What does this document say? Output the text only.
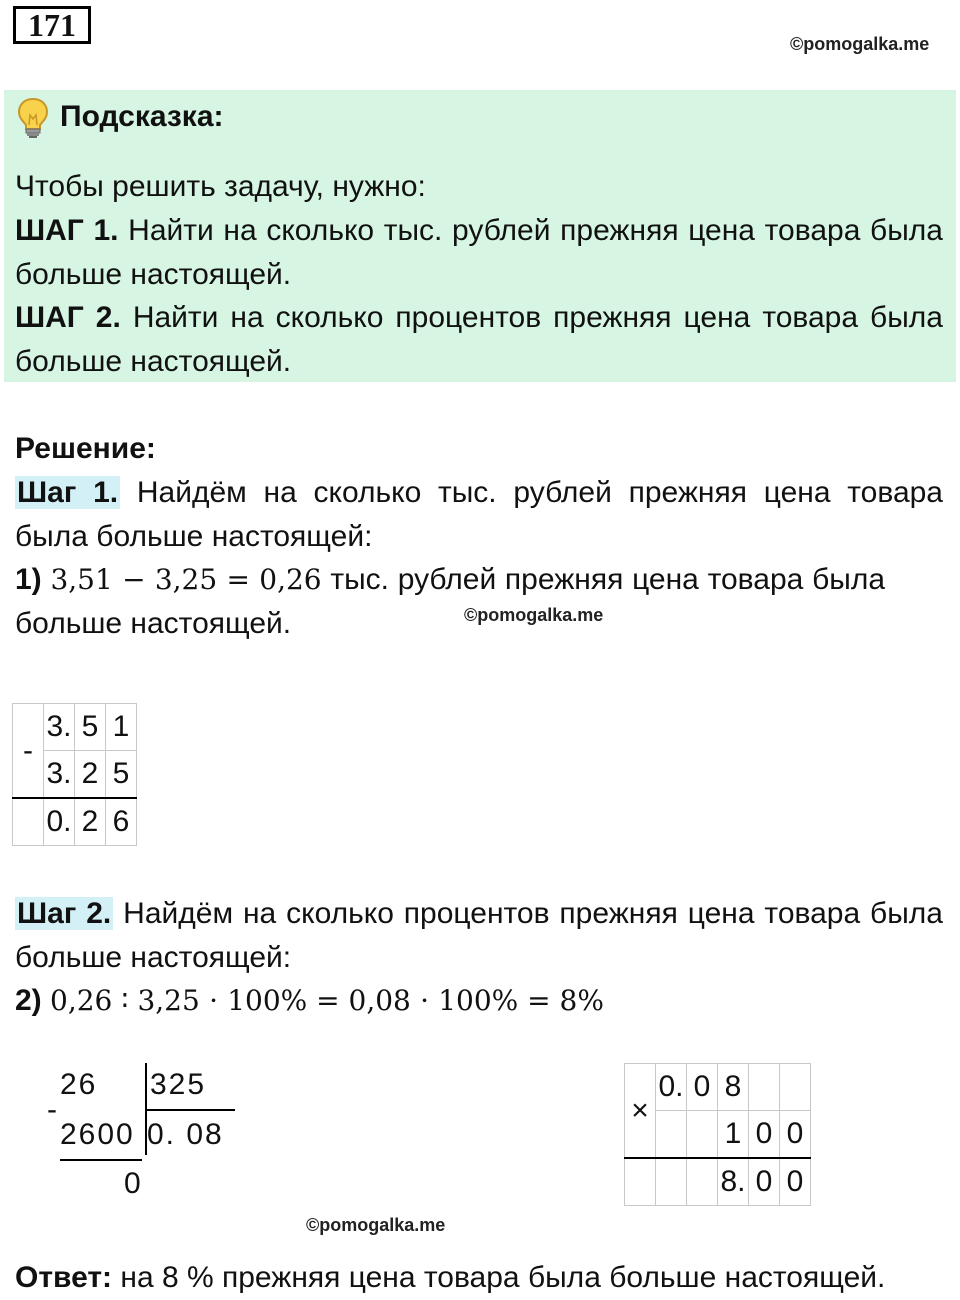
171
©pomogalka.me
Подсказка:
Чтобы решить задачу, нужно:
ШАГ 1. Найти на сколько тыс. рублей прежняя цена товара была больше настоящей.
ШАГ 2. Найти на сколько процентов прежняя цена товара была больше настоящей.
Решение:
Шаг 1. Найдём на сколько тыс. рублей прежняя цена товара была больше настоящей:
1) 3,51 − 3,25 = 0,26 тыс. рублей прежняя цена товара была больше настоящей.	©pomogalka.me
-	3.	5	1
	3.	2	5
	0.	2	6
Шаг 2. Найдём на сколько процентов прежняя цена товара была больше настоящей:
2) 0,26 ∶ 3,25 ⋅ 100% = 0,08 ⋅ 100% = 8%
-
26 325
2600 0. 08
0
×	0.	0	8		
			1	0	0
			8.	0	0
©pomogalka.me
Ответ: на 8 % прежняя цена товара была больше настоящей.
